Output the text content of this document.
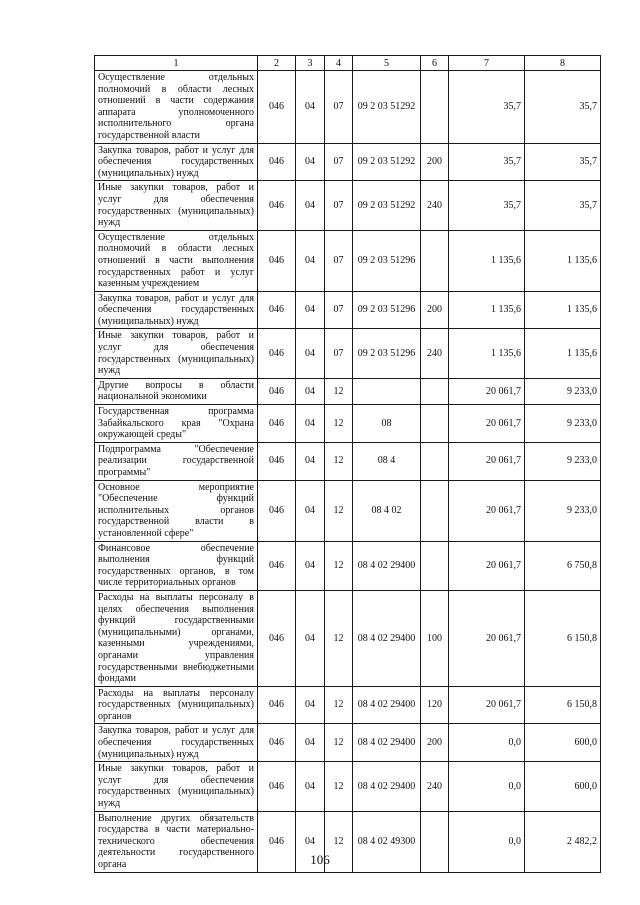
1	2	3	4	5	6	7	8
Осуществление отдельных полномочий в области лесных отношений в части содержания аппарата уполномоченного исполнительного органа государственной власти	046	04	07	09 2 03 51292		35,7	35,7
Закупка товаров, работ и услуг для обеспечения государственных (муниципальных) нужд	046	04	07	09 2 03 51292	200	35,7	35,7
Иные закупки товаров, работ и услуг для обеспечения государственных (муниципальных) нужд	046	04	07	09 2 03 51292	240	35,7	35,7
Осуществление отдельных полномочий в области лесных отношений в части выполнения государственных работ и услуг казенным учреждением	046	04	07	09 2 03 51296		1 135,6	1 135,6
Закупка товаров, работ и услуг для обеспечения государственных (муниципальных) нужд	046	04	07	09 2 03 51296	200	1 135,6	1 135,6
Иные закупки товаров, работ и услуг для обеспечения государственных (муниципальных) нужд	046	04	07	09 2 03 51296	240	1 135,6	1 135,6
Другие вопросы в области национальной экономики	046	04	12			20 061,7	9 233,0
Государственная программа Забайкальского края "Охрана окружающей среды"	046	04	12	08		20 061,7	9 233,0
Подпрограмма "Обеспечение реализации государственной программы"	046	04	12	08 4		20 061,7	9 233,0
Основное мероприятие "Обеспечение функций исполнительных органов государственной власти в установленной сфере"	046	04	12	08 4 02		20 061,7	9 233,0
Финансовое обеспечение выполнения функций государственных органов, в том числе территориальных органов	046	04	12	08 4 02 29400		20 061,7	6 750,8
Расходы на выплаты персоналу в целях обеспечения выполнения функций государственными (муниципальными) органами, казенными учреждениями, органами управления государственными внебюджетными фондами	046	04	12	08 4 02 29400	100	20 061,7	6 150,8
Расходы на выплаты персоналу государственных (муниципальных) органов	046	04	12	08 4 02 29400	120	20 061,7	6 150,8
Закупка товаров, работ и услуг для обеспечения государственных (муниципальных) нужд	046	04	12	08 4 02 29400	200	0,0	600,0
Иные закупки товаров, работ и услуг для обеспечения государственных (муниципальных) нужд	046	04	12	08 4 02 29400	240	0,0	600,0
Выполнение других обязательств государства в части материально-технического обеспечения деятельности государственного органа	046	04	12	08 4 02 49300		0,0	2 482,2
106
